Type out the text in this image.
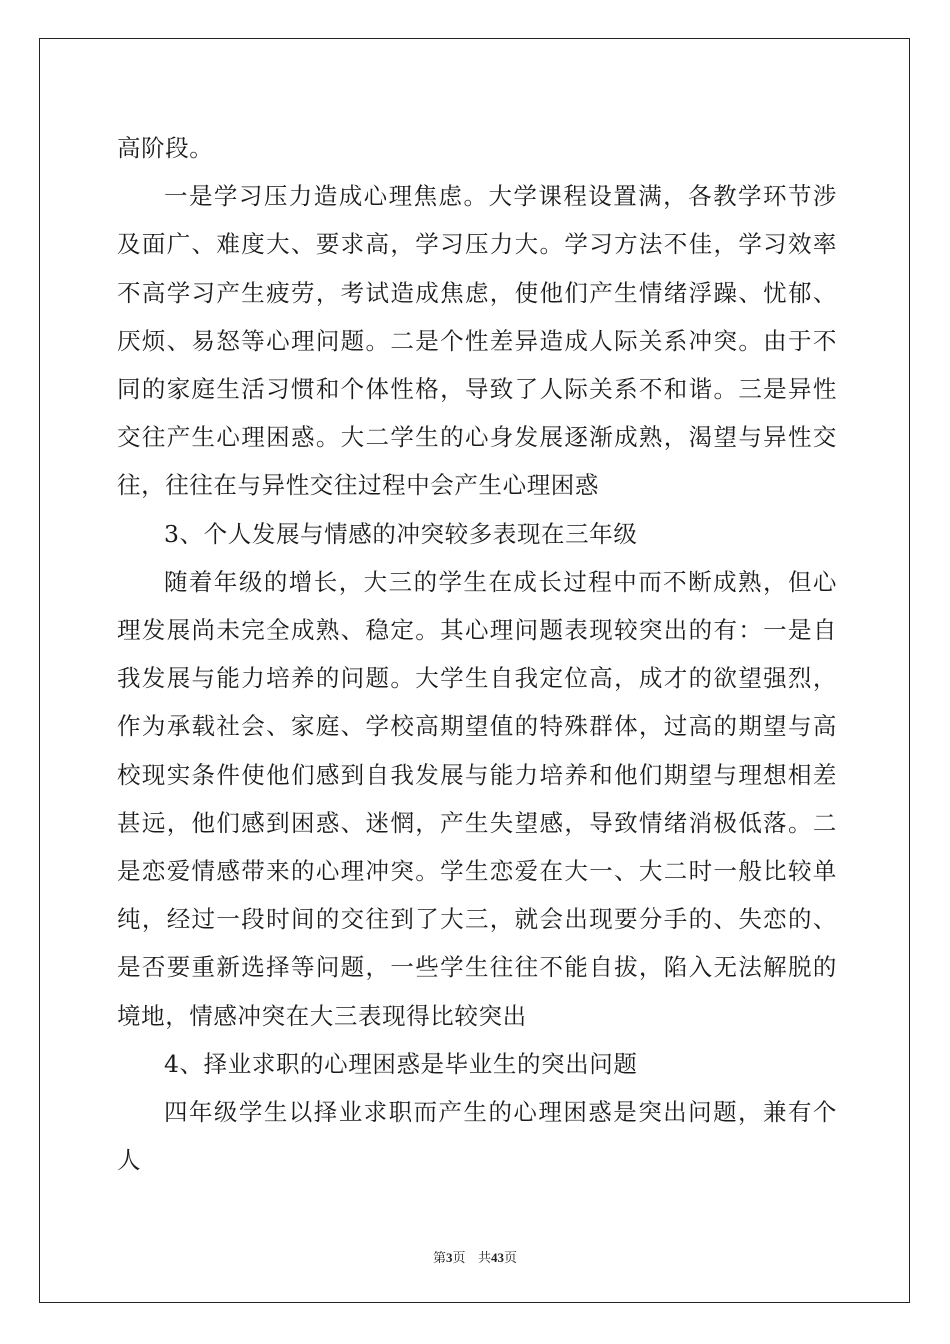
高阶段。

一是学习压力造成心理焦虑。大学课程设置满，各教学环节涉及面广、难度大、要求高，学习压力大。学习方法不佳，学习效率不高学习产生疲劳，考试造成焦虑，使他们产生情绪浮躁、忧郁、厌烦、易怒等心理问题。二是个性差异造成人际关系冲突。由于不同的家庭生活习惯和个体性格，导致了人际关系不和谐。三是异性交往产生心理困惑。大二学生的心身发展逐渐成熟，渴望与异性交往，往往在与异性交往过程中会产生心理困惑

3、个人发展与情感的冲突较多表现在三年级

随着年级的增长，大三的学生在成长过程中而不断成熟，但心理发展尚未完全成熟、稳定。其心理问题表现较突出的有：一是自我发展与能力培养的问题。大学生自我定位高，成才的欲望强烈，作为承载社会、家庭、学校高期望值的特殊群体，过高的期望与高校现实条件使他们感到自我发展与能力培养和他们期望与理想相差甚远，他们感到困惑、迷惘，产生失望感，导致情绪消极低落。二是恋爱情感带来的心理冲突。学生恋爱在大一、大二时一般比较单纯，经过一段时间的交往到了大三，就会出现要分手的、失恋的、是否要重新选择等问题，一些学生往往不能自拔，陷入无法解脱的境地，情感冲突在大三表现得比较突出

4、择业求职的心理困惑是毕业生的突出问题

四年级学生以择业求职而产生的心理困惑是突出问题，兼有个人

第3页 共43页
